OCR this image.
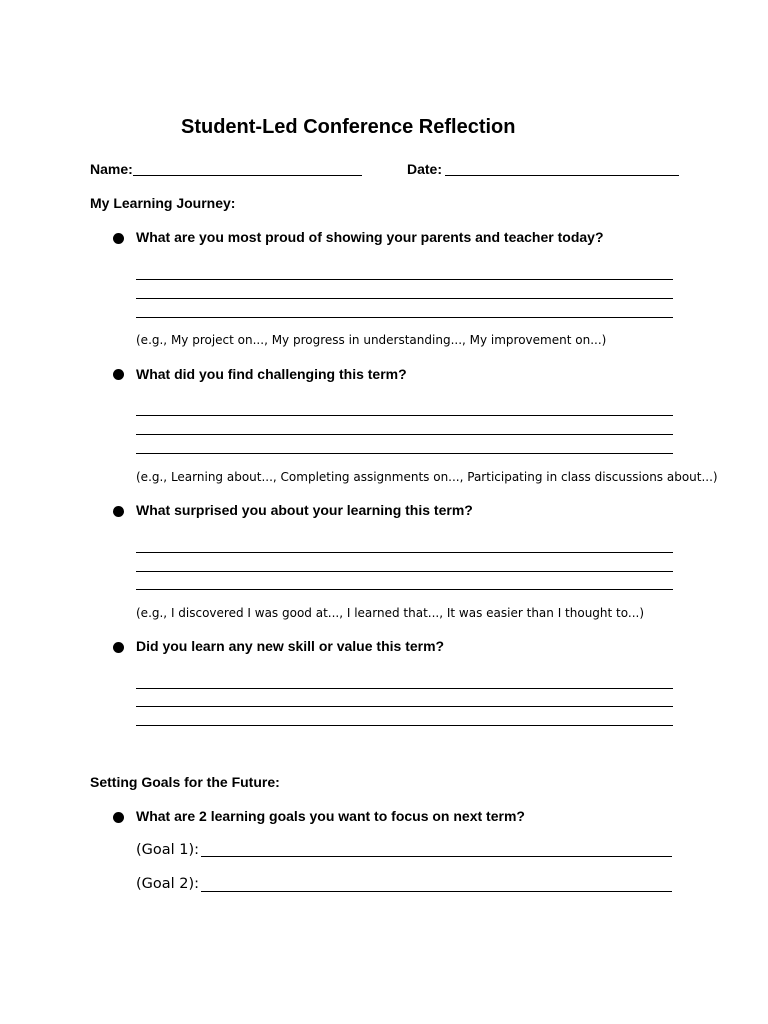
Student-Led Conference Reflection
Name:	Date:
My Learning Journey:
What are you most proud of showing your parents and teacher today?
(e.g., My project on..., My progress in understanding..., My improvement on...)
What did you find challenging this term?
(e.g., Learning about..., Completing assignments on..., Participating in class discussions about...)
What surprised you about your learning this term?
(e.g., I discovered I was good at..., I learned that..., It was easier than I thought to...)
Did you learn any new skill or value this term?
Setting Goals for the Future:
What are 2 learning goals you want to focus on next term?
(Goal 1):
(Goal 2):
